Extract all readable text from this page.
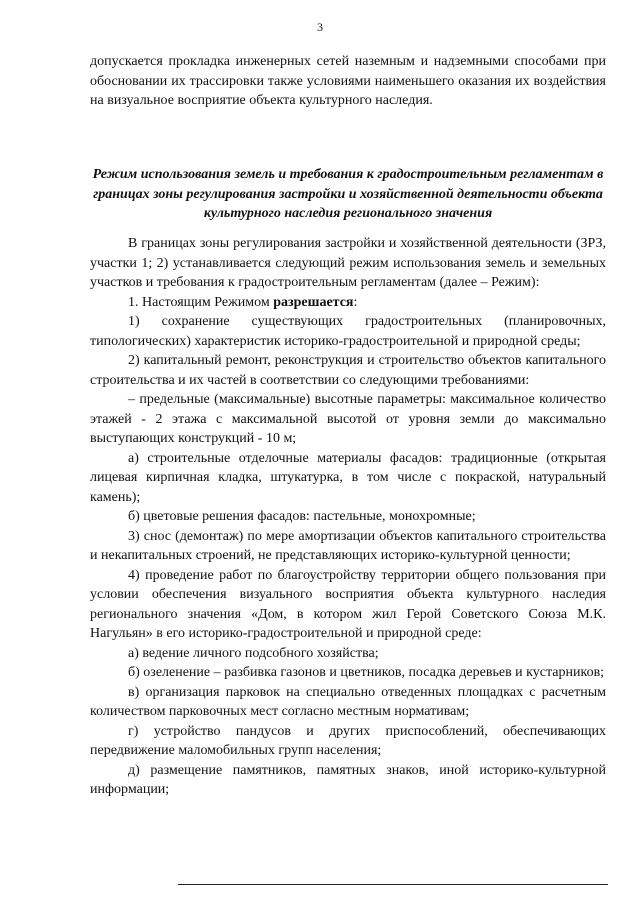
3

допускается прокладка инженерных сетей наземным и надземными способами при обосновании их трассировки также условиями наименьшего оказания их воздействия на визуальное восприятие объекта культурного наследия.

Режим использования земель и требования к градостроительным регламентам в границах зоны регулирования застройки и хозяйственной деятельности объекта культурного наследия регионального значения

В границах зоны регулирования застройки и хозяйственной деятельности (ЗРЗ, участки 1; 2) устанавливается следующий режим использования земель и земельных участков и требования к градостроительным регламентам (далее – Режим):

1. Настоящим Режимом разрешается:

1) сохранение существующих градостроительных (планировочных, типологических) характеристик историко-градостроительной и природной среды;

2) капитальный ремонт, реконструкция и строительство объектов капитального строительства и их частей в соответствии со следующими требованиями:

– предельные (максимальные) высотные параметры: максимальное количество этажей - 2 этажа с максимальной высотой от уровня земли до максимально выступающих конструкций - 10 м;

а) строительные отделочные материалы фасадов: традиционные (открытая лицевая кирпичная кладка, штукатурка, в том числе с покраской, натуральный камень);

б) цветовые решения фасадов: пастельные, монохромные;

3) снос (демонтаж) по мере амортизации объектов капитального строительства и некапитальных строений, не представляющих историко-культурной ценности;

4) проведение работ по благоустройству территории общего пользования при условии обеспечения визуального восприятия объекта культурного наследия регионального значения «Дом, в котором жил Герой Советского Союза М.К. Нагульян» в его историко-градостроительной и природной среде:

а) ведение личного подсобного хозяйства;

б) озеленение – разбивка газонов и цветников, посадка деревьев и кустарников;

в) организация парковок на специально отведенных площадках с расчетным количеством парковочных мест согласно местным нормативам;

г) устройство пандусов и других приспособлений, обеспечивающих передвижение маломобильных групп населения;

д) размещение памятников, памятных знаков, иной историко-культурной информации;
